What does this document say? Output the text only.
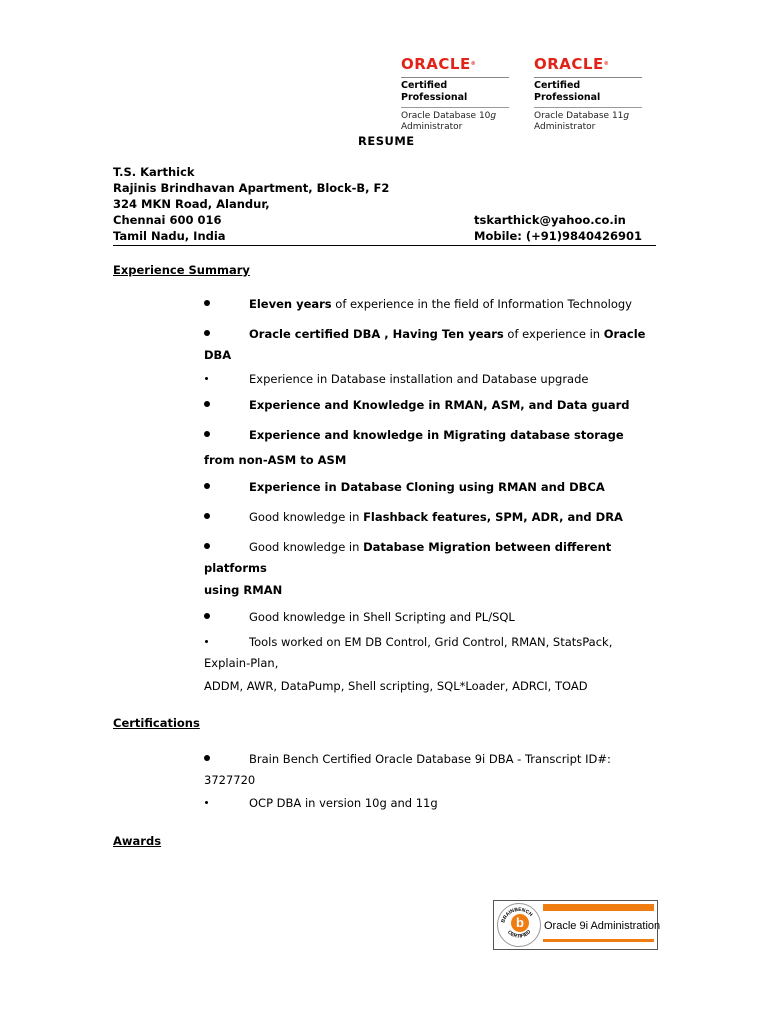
ORACLE®
Certified Professional
Oracle Database 10g
Administrator
ORACLE®
Certified Professional
Oracle Database 11g
Administrator
RESUME
T.S. Karthick
Rajinis Brindhavan Apartment, Block-B, F2
324 MKN Road, Alandur,
Chennai 600 016
Tamil Nadu, India
tskarthick@yahoo.co.in
Mobile: (+91)9840426901
Experience Summary
Eleven years of experience in the field of Information Technology
Oracle certified DBA , Having Ten years of experience in Oracle
DBA
Experience in Database installation and Database upgrade
Experience and Knowledge in RMAN, ASM, and Data guard
Experience and knowledge in Migrating database storage
from non-ASM to ASM
Experience in Database Cloning using RMAN and DBCA
Good knowledge in Flashback features, SPM, ADR, and DRA
Good knowledge in Database Migration between different
platforms
using RMAN
Good knowledge in Shell Scripting and PL/SQL
Tools worked on EM DB Control, Grid Control, RMAN, StatsPack,
Explain-Plan,
ADDM, AWR, DataPump, Shell scripting, SQL*Loader, ADRCI, TOAD
Certifications
Brain Bench Certified Oracle Database 9i DBA - Transcript ID#:
3727720
OCP DBA in version 10g and 11g
Awards
BRAINBENCH
CERTIFIED
b	Oracle 9i Administration
